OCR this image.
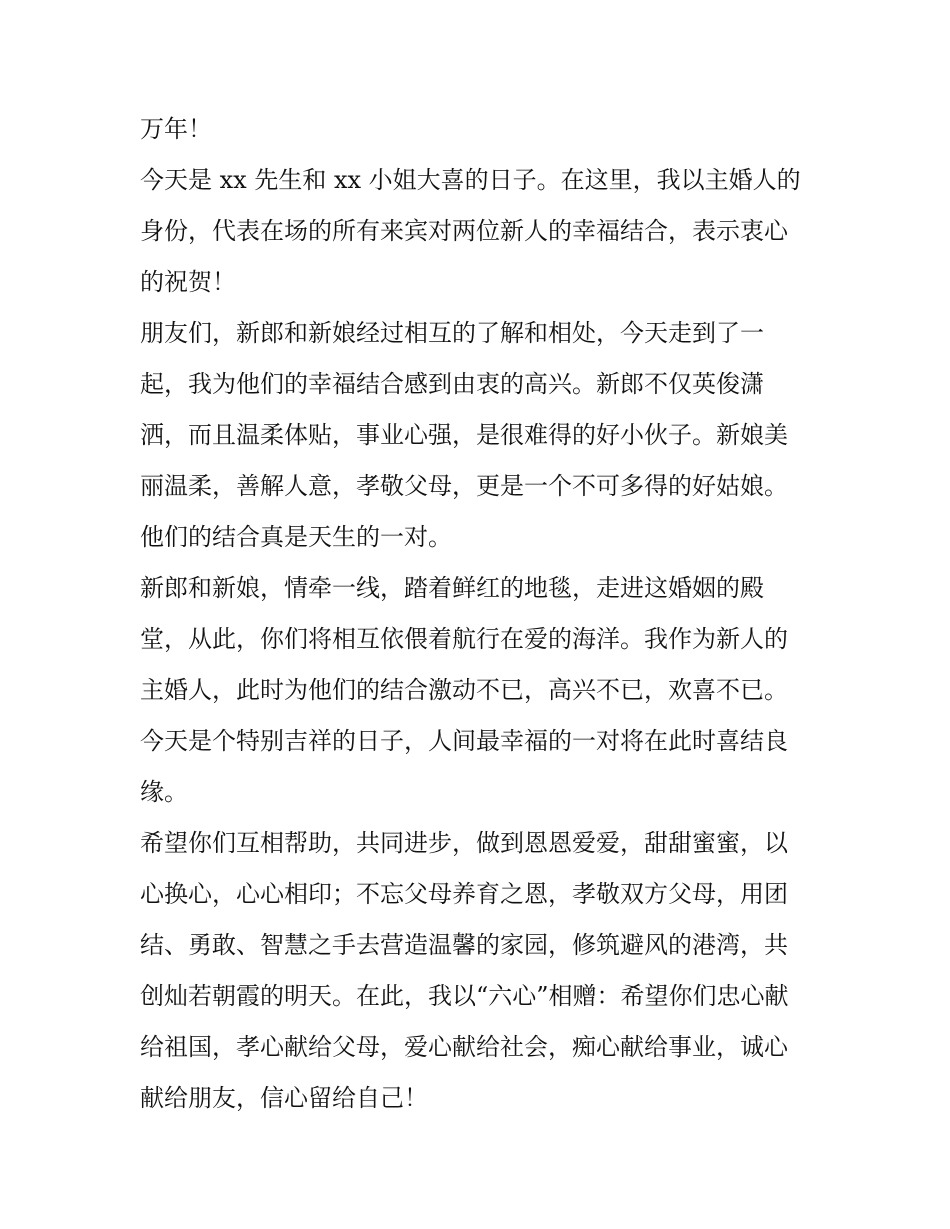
万年！
今天是 xx 先生和 xx 小姐大喜的日子。在这里，我以主婚人的
身份，代表在场的所有来宾对两位新人的幸福结合，表示衷心
的祝贺！
朋友们，新郎和新娘经过相互的了解和相处，今天走到了一
起，我为他们的幸福结合感到由衷的高兴。新郎不仅英俊潇
洒，而且温柔体贴，事业心强，是很难得的好小伙子。新娘美
丽温柔，善解人意，孝敬父母，更是一个不可多得的好姑娘。
他们的结合真是天生的一对。
新郎和新娘，情牵一线，踏着鲜红的地毯，走进这婚姻的殿
堂，从此，你们将相互依偎着航行在爱的海洋。我作为新人的
主婚人，此时为他们的结合激动不已，高兴不已，欢喜不已。
今天是个特别吉祥的日子，人间最幸福的一对将在此时喜结良
缘。
希望你们互相帮助，共同进步，做到恩恩爱爱，甜甜蜜蜜，以
心换心，心心相印；不忘父母养育之恩，孝敬双方父母，用团
结、勇敢、智慧之手去营造温馨的家园，修筑避风的港湾，共
创灿若朝霞的明天。在此，我以“六心”相赠：希望你们忠心献
给祖国，孝心献给父母，爱心献给社会，痴心献给事业，诚心
献给朋友，信心留给自己！
